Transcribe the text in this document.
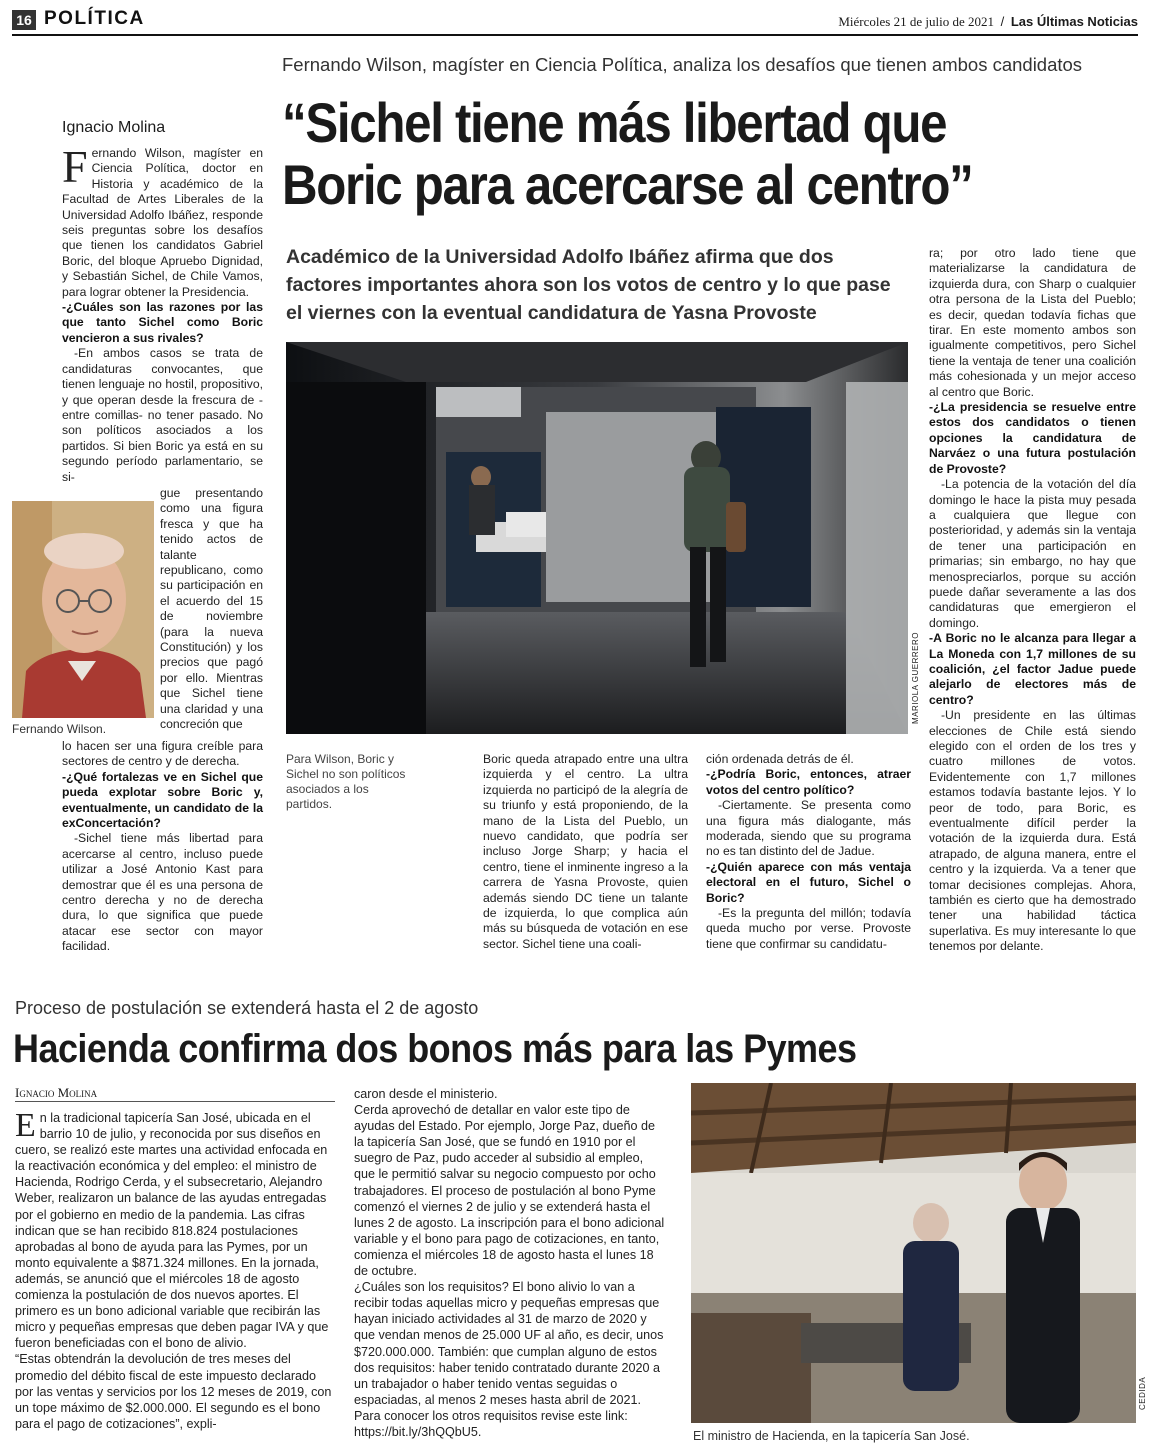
16 POLÍTICA	Miércoles 21 de julio de 2021 / Las Últimas Noticias
Fernando Wilson, magíster en Ciencia Política, analiza los desafíos que tienen ambos candidatos
“Sichel tiene más libertad que
Boric para acercarse al centro”
Académico de la Universidad Adolfo Ibáñez afirma que dos factores importantes ahora son los votos de centro y lo que pase el viernes con la eventual candidatura de Yasna Provoste
Ignacio Molina

Fernando Wilson, magíster en Ciencia Política, doctor en Historia y académico de la Facultad de Artes Liberales de la Universidad Adolfo Ibáñez, responde seis preguntas sobre los desafíos que tienen los candidatos Gabriel Boric, del bloque Apruebo Dignidad, y Sebastián Sichel, de Chile Vamos, para lograr obtener la Presidencia.

- ¿Cuáles son las razones por las que tanto Sichel como Boric vencieron a sus rivales?

-En ambos casos se trata de candidaturas convocantes, que tienen lenguaje no hostil, propositivo, y que operan desde la frescura de -entre comillas- no tener pasado. No son políticos asociados a los partidos. Si bien Boric ya está en su segundo período parlamentario, se si-

Fernando Wilson.

gue presentando como una figura fresca y que ha tenido actos de talante republicano, como su participación en el acuerdo del 15 de noviembre (para la nueva Constitución) y los precios que pagó por ello. Mientras que Sichel tiene una claridad y una concreción que

lo hacen ser una figura creíble para sectores de centro y de derecha.

- ¿Qué fortalezas ve en Sichel que pueda explotar sobre Boric y, eventualmente, un candidato de la exConcertación?

-Sichel tiene más libertad para acercarse al centro, incluso puede utilizar a José Antonio Kast para demostrar que él es una persona de centro derecha y no de derecha dura, lo que significa que puede atacar ese sector con mayor facilidad.

MARIOLA GUERRERO
Para Wilson, Boric y Sichel no son políticos asociados a los partidos.

Boric queda atrapado entre una ultra izquierda y el centro. La ultra izquierda no participó de la alegría de su triunfo y está proponiendo, de la mano de la Lista del Pueblo, un nuevo candidato, que podría ser incluso Jorge Sharp; y hacia el centro, tiene el inminente ingreso a la carrera de Yasna Provoste, quien además siendo DC tiene un talante de izquierda, lo que complica aún más su búsqueda de votación en ese sector. Sichel tiene una coali-

ción ordenada detrás de él.

- ¿Podría Boric, entonces, atraer votos del centro político?

-Ciertamente. Se presenta como una figura más dialogante, más moderada, siendo que su programa no es tan distinto del de Jadue.

- ¿Quién aparece con más ventaja electoral en el futuro, Sichel o Boric?

-Es la pregunta del millón; todavía queda mucho por verse. Provoste tiene que confirmar su candidatu-

ra; por otro lado tiene que materializarse la candidatura de izquierda dura, con Sharp o cualquier otra persona de la Lista del Pueblo; es decir, quedan todavía fichas que tirar. En este momento ambos son igualmente competitivos, pero Sichel tiene la ventaja de tener una coalición más cohesionada y un mejor acceso al centro que Boric.

- ¿La presidencia se resuelve entre estos dos candidatos o tienen opciones la candidatura de Narváez o una futura postulación de Provoste?

-La potencia de la votación del día domingo le hace la pista muy pesada a cualquiera que llegue con posterioridad, y además sin la ventaja de tener una participación en primarias; sin embargo, no hay que menospreciarlos, porque su acción puede dañar severamente a las dos candidaturas que emergieron el domingo.

- A Boric no le alcanza para llegar a La Moneda con 1,7 millones de su coalición, ¿el factor Jadue puede alejarlo de electores más de centro?

-Un presidente en las últimas elecciones de Chile está siendo elegido con el orden de los tres y cuatro millones de votos. Evidentemente con 1,7 millones estamos todavía bastante lejos. Y lo peor de todo, para Boric, es eventualmente difícil perder la votación de la izquierda dura. Está atrapado, de alguna manera, entre el centro y la izquierda. Va a tener que tomar decisiones complejas. Ahora, también es cierto que ha demostrado tener una habilidad táctica superlativa. Es muy interesante lo que tenemos por delante.

Proceso de postulación se extenderá hasta el 2 de agosto
Hacienda confirma dos bonos más para las Pymes
Ignacio Molina

En la tradicional tapicería San José, ubicada en el barrio 10 de julio, y reconocida por sus diseños en cuero, se realizó este martes una actividad enfocada en la reactivación económica y del empleo: el ministro de Hacienda, Rodrigo Cerda, y el subsecretario, Alejandro Weber, realizaron un balance de las ayudas entregadas por el gobierno en medio de la pandemia. Las cifras indican que se han recibido 818.824 postulaciones aprobadas al bono de ayuda para las Pymes, por un monto equivalente a $871.324 millones. En la jornada, además, se anunció que el miércoles 18 de agosto comienza la postulación de dos nuevos aportes. El primero es un bono adicional variable que recibirán las micro y pequeñas empresas que deben pagar IVA y que fueron beneficiadas con el bono de alivio.

“Estas obtendrán la devolución de tres meses del promedio del débito fiscal de este impuesto declarado por las ventas y servicios por los 12 meses de 2019, con un tope máximo de $2.000.000. El segundo es el bono para el pago de cotizaciones”, expli-

caron desde el ministerio.

Cerda aprovechó de detallar en valor este tipo de ayudas del Estado. Por ejemplo, Jorge Paz, dueño de la tapicería San José, que se fundó en 1910 por el suegro de Paz, pudo acceder al subsidio al empleo, que le permitió salvar su negocio compuesto por ocho trabajadores. El proceso de postulación al bono Pyme comenzó el viernes 2 de julio y se extenderá hasta el lunes 2 de agosto. La inscripción para el bono adicional variable y el bono para pago de cotizaciones, en tanto, comienza el miércoles 18 de agosto hasta el lunes 18 de octubre.

¿Cuáles son los requisitos? El bono alivio lo van a recibir todas aquellas micro y pequeñas empresas que hayan iniciado actividades al 31 de marzo de 2020 y que vendan menos de 25.000 UF al año, es decir, unos $720.000.000. También: que cumplan alguno de estos dos requisitos: haber tenido contratado durante 2020 a un trabajador o haber tenido ventas seguidas o espaciadas, al menos 2 meses hasta abril de 2021.

Para conocer los otros requisitos revise este link: https://bit.ly/3hQQbU5.

CEDIDA
El ministro de Hacienda, en la tapicería San José.
